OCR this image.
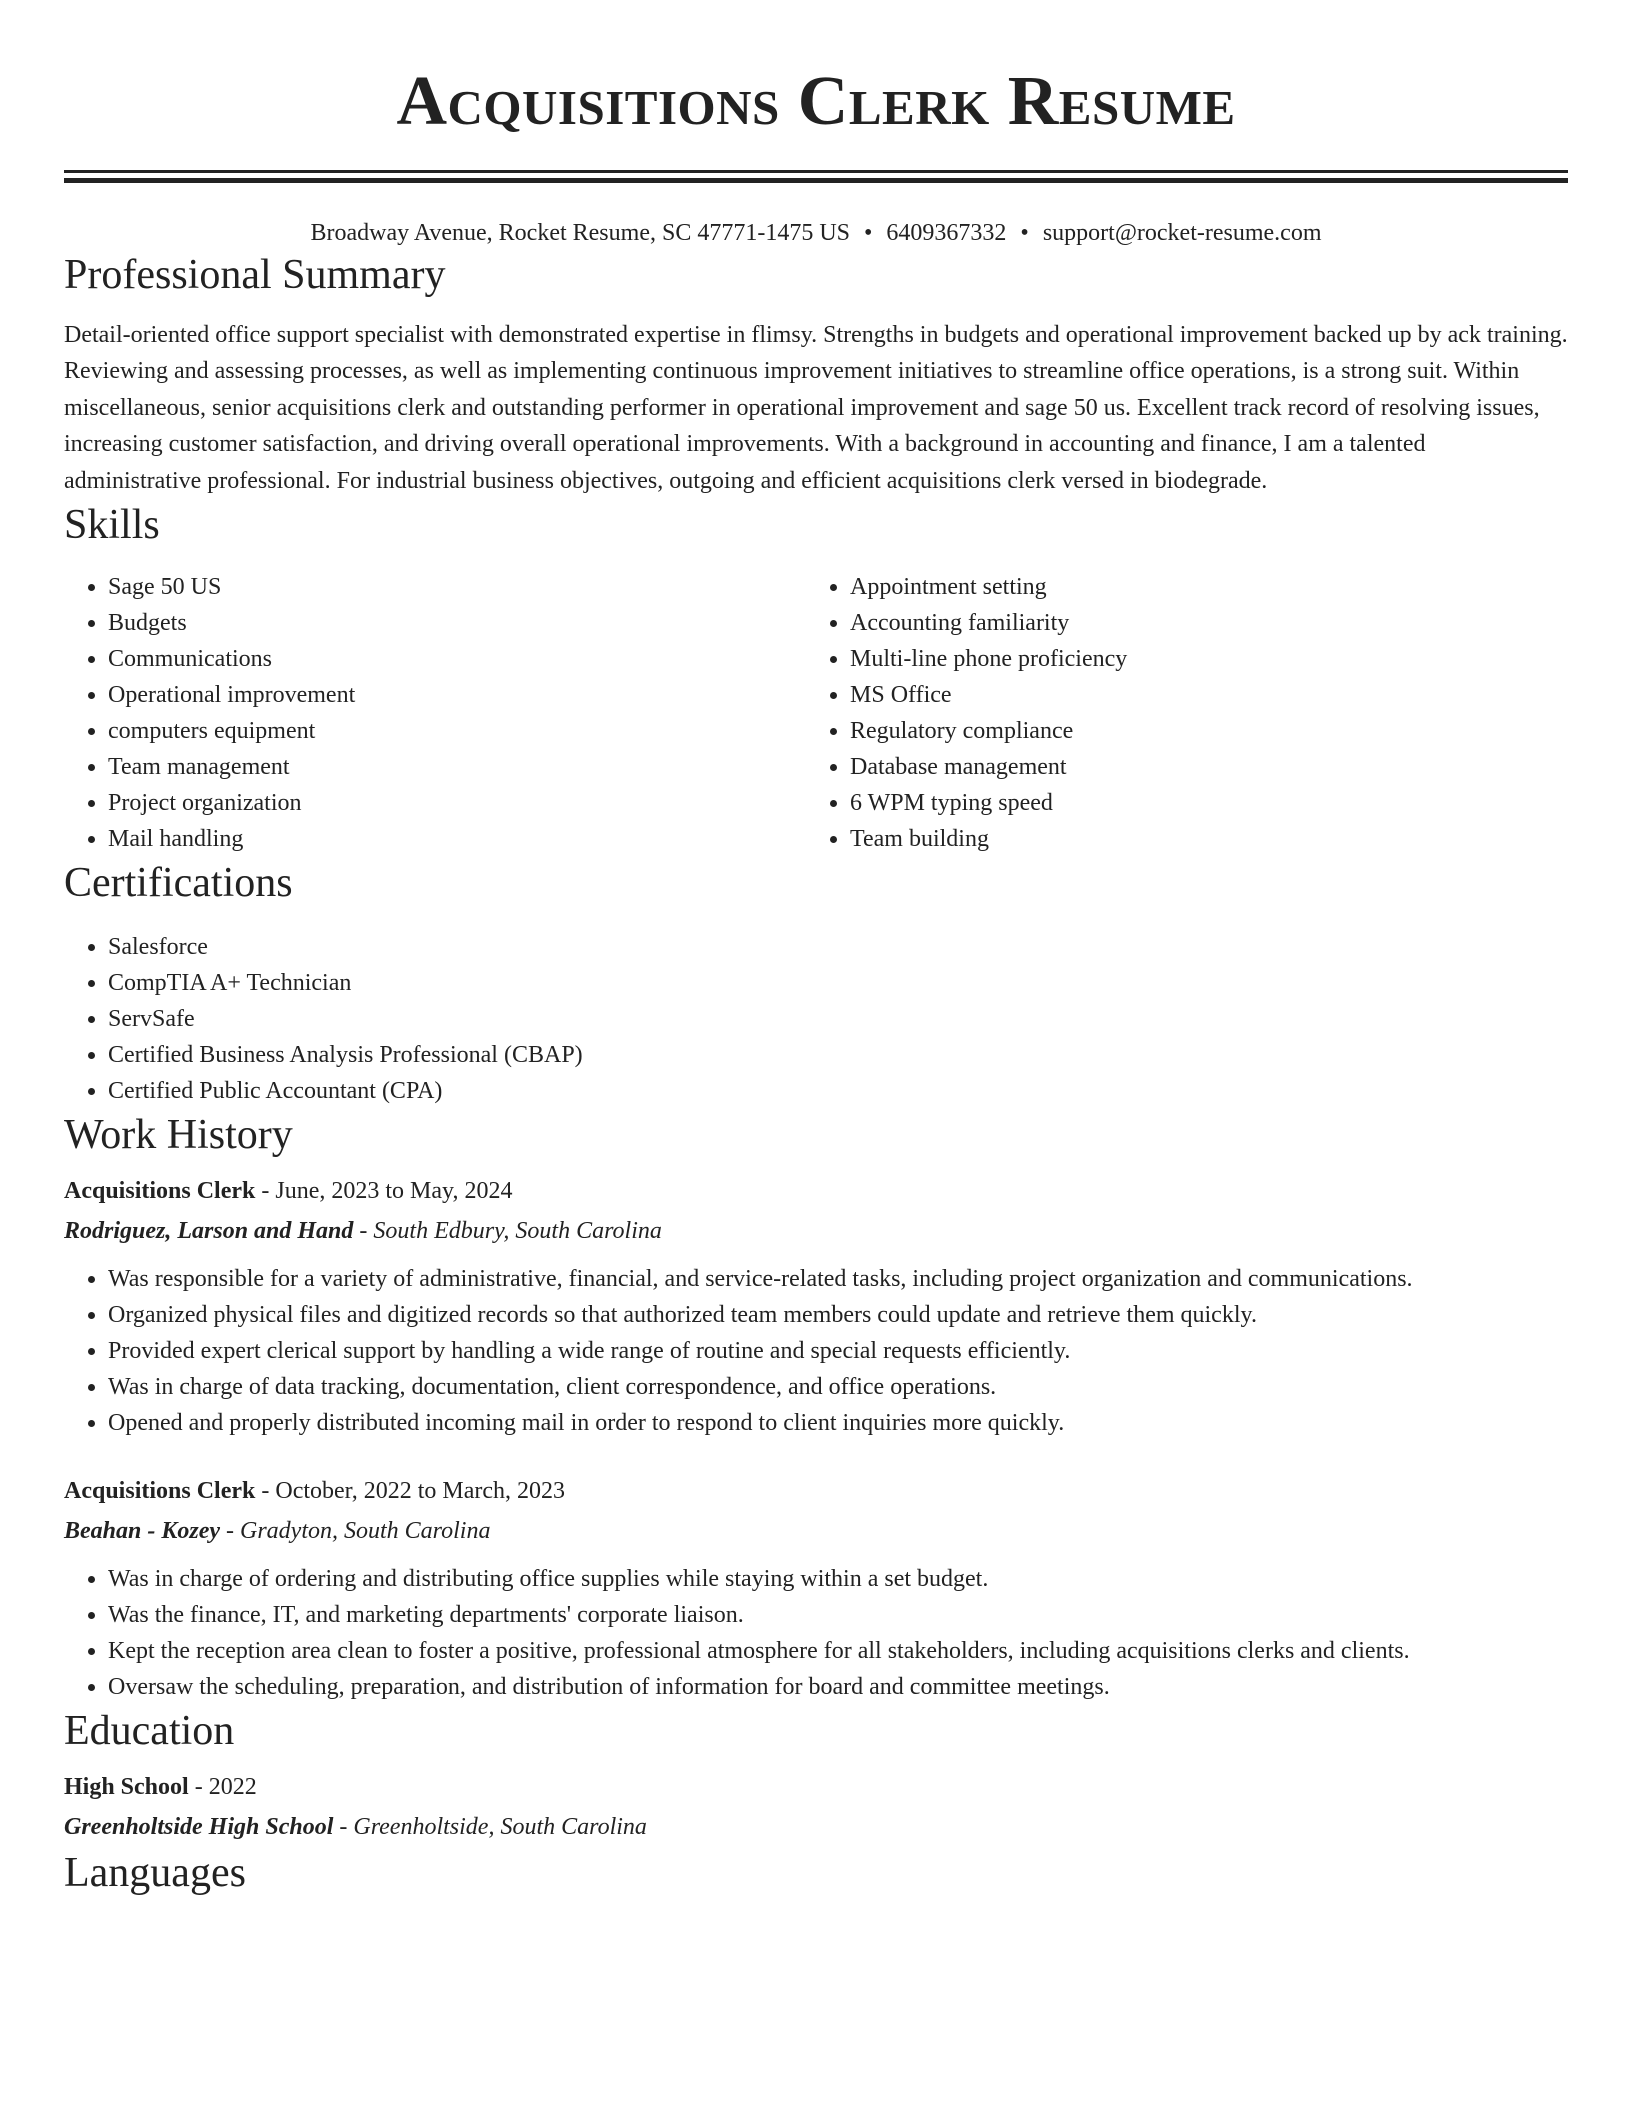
Acquisitions Clerk Resume
Broadway Avenue, Rocket Resume, SC 47771-1475 US • 6409367332 • support@rocket-resume.com
Professional Summary

Detail-oriented office support specialist with demonstrated expertise in flimsy. Strengths in budgets and operational improvement backed up by ack training. Reviewing and assessing processes, as well as implementing continuous improvement initiatives to streamline office operations, is a strong suit. Within miscellaneous, senior acquisitions clerk and outstanding performer in operational improvement and sage 50 us. Excellent track record of resolving issues, increasing customer satisfaction, and driving overall operational improvements. With a background in accounting and finance, I am a talented administrative professional. For industrial business objectives, outgoing and efficient acquisitions clerk versed in biodegrade.

Skills
• Sage 50 US
• Budgets
• Communications
• Operational improvement
• computers equipment
• Team management
• Project organization
• Mail handling
• Appointment setting
• Accounting familiarity
• Multi-line phone proficiency
• MS Office
• Regulatory compliance
• Database management
• 6 WPM typing speed
• Team building
Certifications
• Salesforce
• CompTIA A+ Technician
• ServSafe
• Certified Business Analysis Professional (CBAP)
• Certified Public Accountant (CPA)
Work History
Acquisitions Clerk - June, 2023 to May, 2024
Rodriguez, Larson and Hand - South Edbury, South Carolina
• Was responsible for a variety of administrative, financial, and service-related tasks, including project organization and communications.
• Organized physical files and digitized records so that authorized team members could update and retrieve them quickly.
• Provided expert clerical support by handling a wide range of routine and special requests efficiently.
• Was in charge of data tracking, documentation, client correspondence, and office operations.
• Opened and properly distributed incoming mail in order to respond to client inquiries more quickly.
Acquisitions Clerk - October, 2022 to March, 2023
Beahan - Kozey - Gradyton, South Carolina
• Was in charge of ordering and distributing office supplies while staying within a set budget.
• Was the finance, IT, and marketing departments' corporate liaison.
• Kept the reception area clean to foster a positive, professional atmosphere for all stakeholders, including acquisitions clerks and clients.
• Oversaw the scheduling, preparation, and distribution of information for board and committee meetings.
Education
High School - 2022
Greenholtside High School - Greenholtside, South Carolina
Languages
